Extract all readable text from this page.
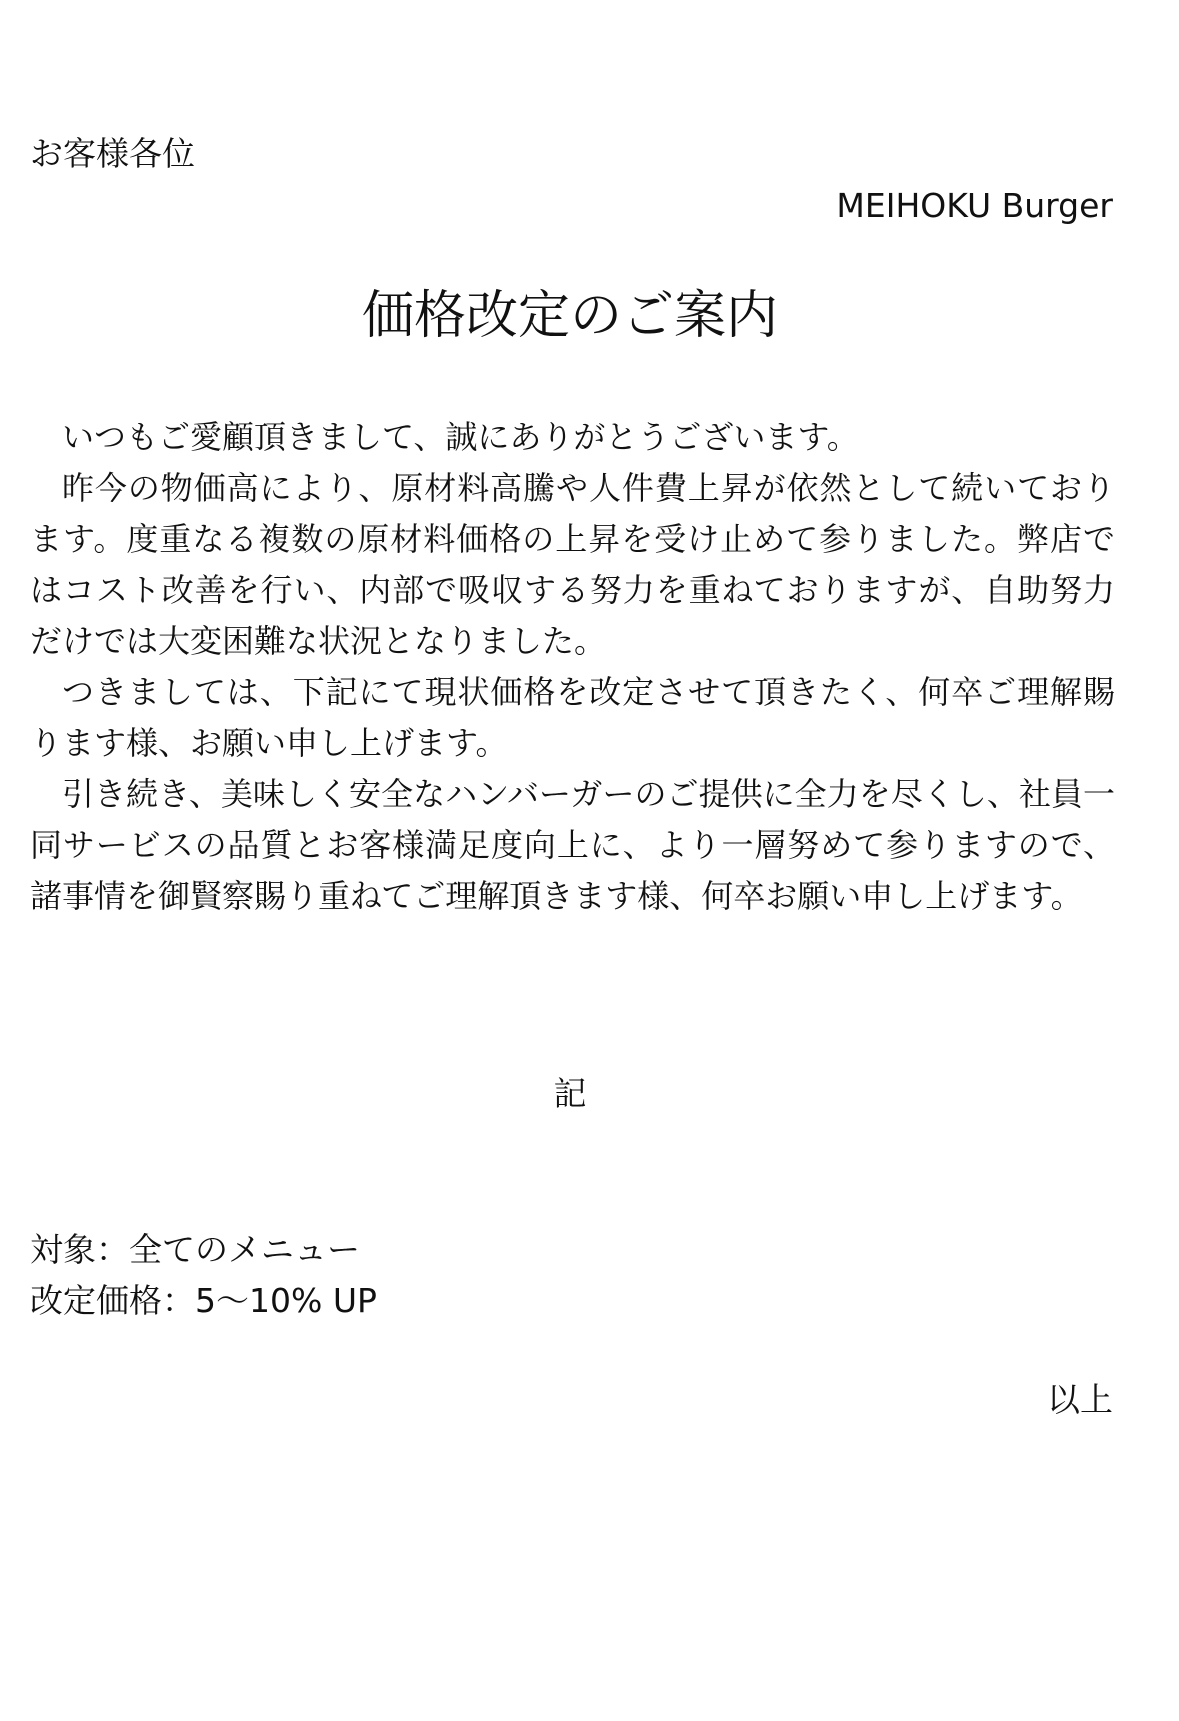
お客様各位
MEIHOKU Burger
価格改定のご案内

いつもご愛顧頂きまして、誠にありがとうございます。

昨今の物価高により、原材料高騰や人件費上昇が依然として続いております。度重なる複数の原材料価格の上昇を受け止めて参りました。弊店ではコスト改善を行い、内部で吸収する努力を重ねておりますが、自助努力だけでは大変困難な状況となりました。

つきましては、下記にて現状価格を改定させて頂きたく、何卒ご理解賜ります様、お願い申し上げます。

引き続き、美味しく安全なハンバーガーのご提供に全力を尽くし、社員一同サービスの品質とお客様満足度向上に、より一層努めて参りますので、諸事情を御賢察賜り重ねてご理解頂きます様、何卒お願い申し上げます。

記
対象： 全てのメニュー
改定価格： 5〜10% UP
以上
